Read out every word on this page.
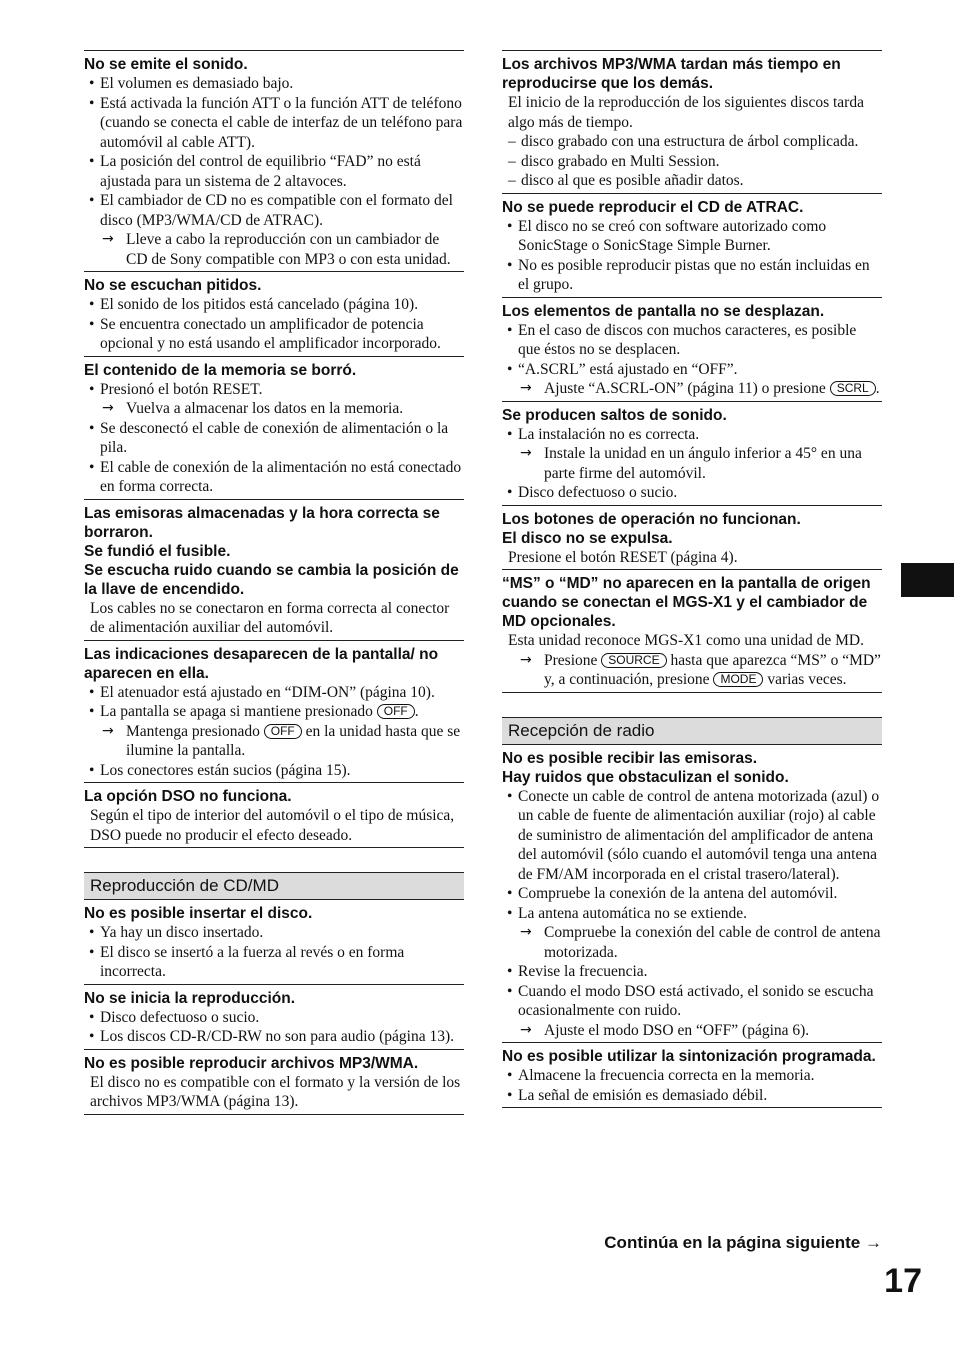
No se emite el sonido.

• El volumen es demasiado bajo.

• Está activada la función ATT o la función ATT de teléfono (cuando se conecta el cable de interfaz de un teléfono para automóvil al cable ATT).

• La posición del control de equilibrio “FAD” no está ajustada para un sistema de 2 altavoces.

• El cambiador de CD no es compatible con el formato del disco (MP3/WMA/CD de ATRAC).

→ Lleve a cabo la reproducción con un cambiador de CD de Sony compatible con MP3 o con esta unidad.

No se escuchan pitidos.

• El sonido de los pitidos está cancelado (página 10).

• Se encuentra conectado un amplificador de potencia opcional y no está usando el amplificador incorporado.

El contenido de la memoria se borró.

• Presionó el botón RESET.

→ Vuelva a almacenar los datos en la memoria.

• Se desconectó el cable de conexión de alimentación o la pila.

• El cable de conexión de la alimentación no está conectado en forma correcta.

Las emisoras almacenadas y la hora correcta se borraron.

Se fundió el fusible.

Se escucha ruido cuando se cambia la posición de la llave de encendido.

Los cables no se conectaron en forma correcta al conector de alimentación auxiliar del automóvil.

Las indicaciones desaparecen de la pantalla/ no aparecen en ella.

• El atenuador está ajustado en “DIM-ON” (página 10).

• La pantalla se apaga si mantiene presionado OFF .

→ Mantenga presionado OFF en la unidad hasta que se ilumine la pantalla.

• Los conectores están sucios (página 15).

La opción DSO no funciona.

Según el tipo de interior del automóvil o el tipo de música, DSO puede no producir el efecto deseado.

Reproducción de CD/MD

No es posible insertar el disco.

• Ya hay un disco insertado.

• El disco se insertó a la fuerza al revés o en forma incorrecta.

No se inicia la reproducción.

• Disco defectuoso o sucio.

• Los discos CD-R/CD-RW no son para audio (página 13).

No es posible reproducir archivos MP3/WMA.

El disco no es compatible con el formato y la versión de los archivos MP3/WMA (página 13).

Los archivos MP3/WMA tardan más tiempo en reproducirse que los demás.

El inicio de la reproducción de los siguientes discos tarda algo más de tiempo.

– disco grabado con una estructura de árbol complicada.

– disco grabado en Multi Session.

– disco al que es posible añadir datos.

No se puede reproducir el CD de ATRAC.

• El disco no se creó con software autorizado como SonicStage o SonicStage Simple Burner.

• No es posible reproducir pistas que no están incluidas en el grupo.

Los elementos de pantalla no se desplazan.

• En el caso de discos con muchos caracteres, es posible que éstos no se desplacen.

• “A.SCRL” está ajustado en “OFF”.

→ Ajuste “A.SCRL-ON” (página 11) o presione SCRL .

Se producen saltos de sonido.

• La instalación no es correcta.

→ Instale la unidad en un ángulo inferior a 45° en una parte firme del automóvil.

• Disco defectuoso o sucio.

Los botones de operación no funcionan.

El disco no se expulsa.

Presione el botón RESET (página 4).

“MS” o “MD” no aparecen en la pantalla de origen cuando se conectan el MGS-X1 y el cambiador de MD opcionales.

Esta unidad reconoce MGS-X1 como una unidad de MD.

→ Presione SOURCE hasta que aparezca “MS” o “MD” y, a continuación, presione MODE varias veces.

Recepción de radio

No es posible recibir las emisoras.

Hay ruidos que obstaculizan el sonido.

• Conecte un cable de control de antena motorizada (azul) o un cable de fuente de alimentación auxiliar (rojo) al cable de suministro de alimentación del amplificador de antena del automóvil (sólo cuando el automóvil tenga una antena de FM/AM incorporada en el cristal trasero/lateral).

• Compruebe la conexión de la antena del automóvil.

• La antena automática no se extiende.

→ Compruebe la conexión del cable de control de antena motorizada.

• Revise la frecuencia.

• Cuando el modo DSO está activado, el sonido se escucha ocasionalmente con ruido.

→ Ajuste el modo DSO en “OFF” (página 6).

No es posible utilizar la sintonización programada.

• Almacene la frecuencia correcta en la memoria.

• La señal de emisión es demasiado débil.

Continúa en la página siguiente →
17
